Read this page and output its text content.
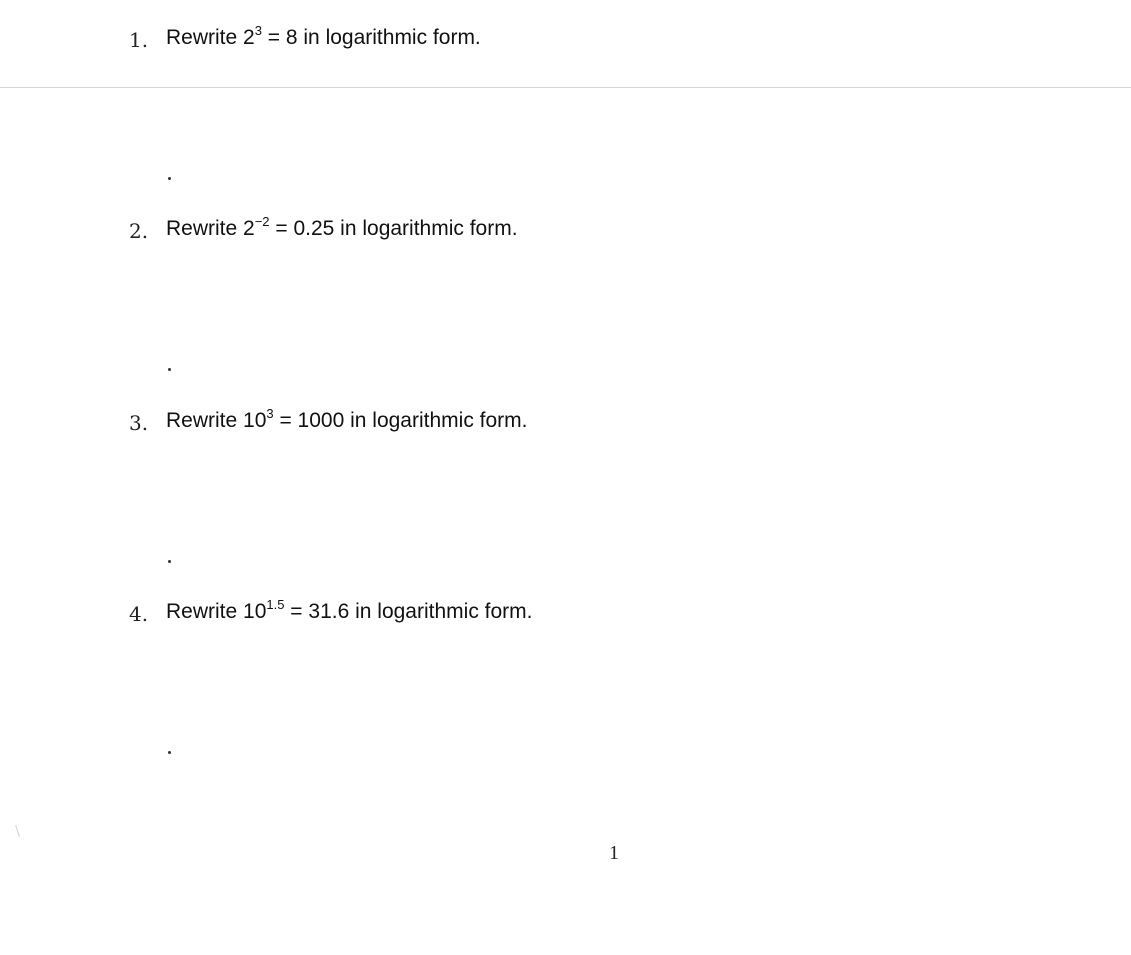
1. Rewrite $2^3 = 8$ in logarithmic form.
2. Rewrite $2^{-2} = 0.25$ in logarithmic form.
3. Rewrite $10^3 = 1000$ in logarithmic form.
4. Rewrite $10^{1.5} = 31.6$ in logarithmic form.
1
